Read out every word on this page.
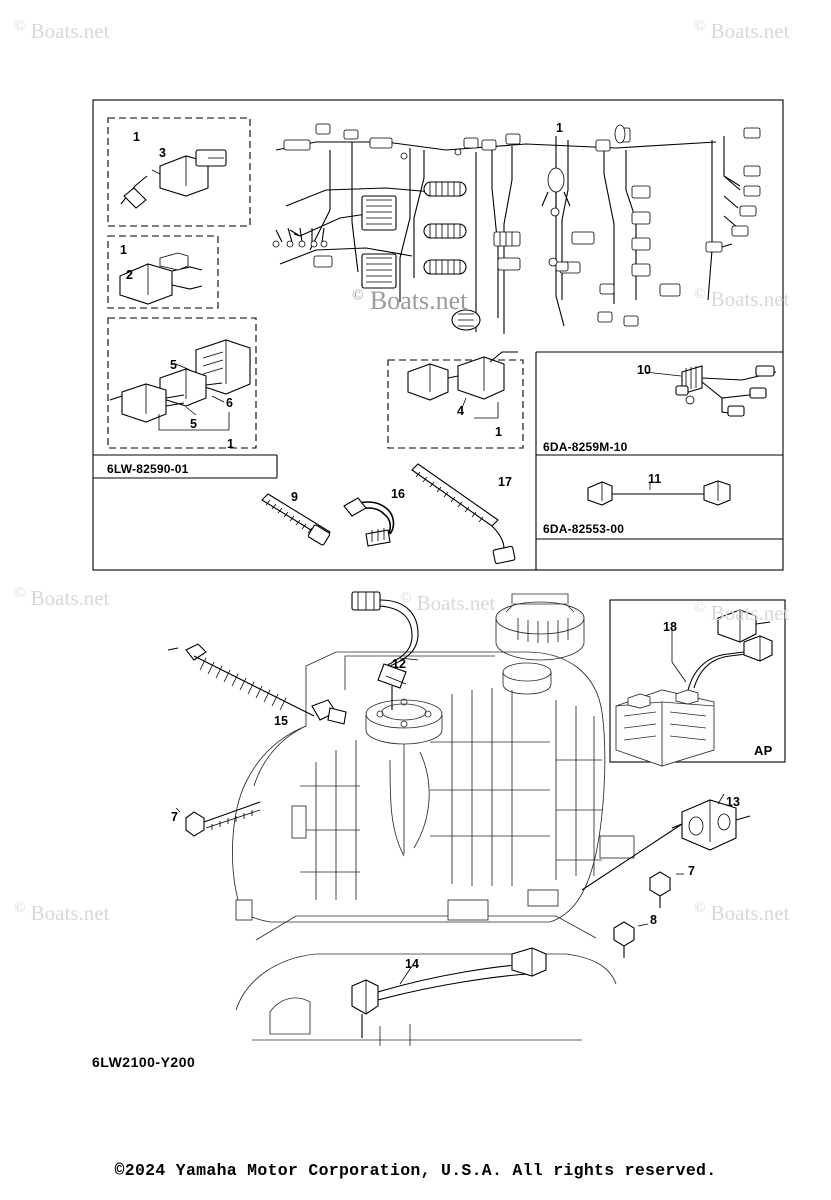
© Boats.net	© Boats.net
© Boats.net	© Boats.net
© Boats.net	© Boats.net	© Boats.net
© Boats.net	© Boats.net
1
3
1
2
5
6
5
1
4
1
1
9	16
17
10
11
12
15
7
13
7
8
14
18
6LW-82590-01
6DA-8259M-10
6DA-82553-00
AP
6LW2100-Y200
©2024 Yamaha Motor Corporation, U.S.A. All rights reserved.
